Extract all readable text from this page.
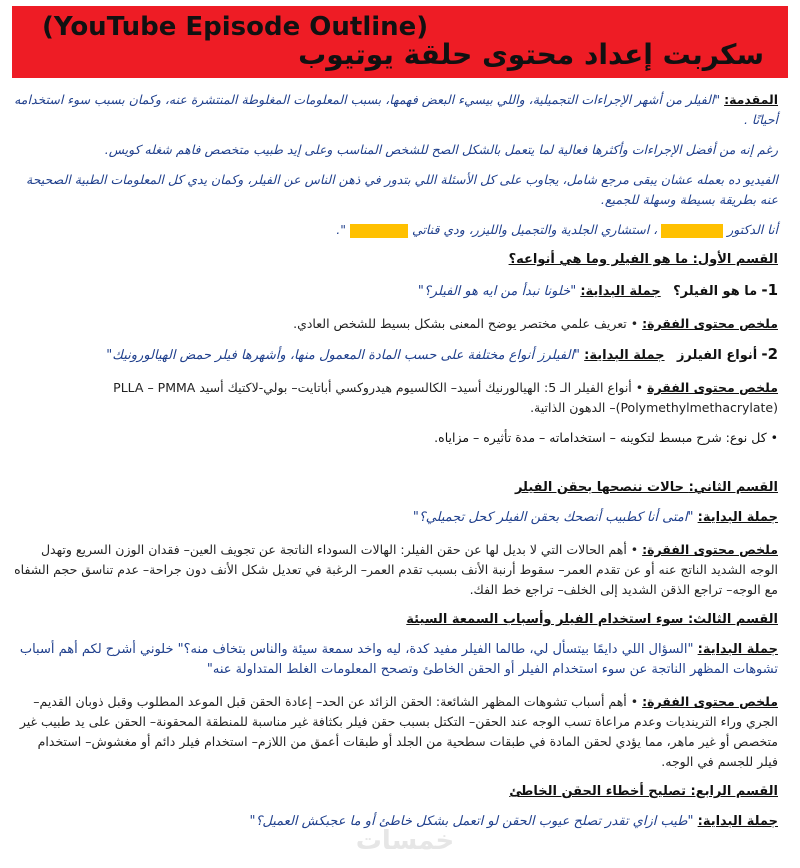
(YouTube Episode Outline)
سكربت إعداد محتوى حلقة يوتيوب

المقدمة: "الفيلر من أشهر الإجراءات التجميلية، واللي بيسيء البعض فهمها، بسبب المعلومات المغلوطة المنتشرة عنه، وكمان بسبب سوء استخدامه أحيانًا .

رغم إنه من أفضل الإجراءات وأكثرها فعالية لما يتعمل بالشكل الصح للشخص المناسب وعلى إيد طبيب متخصص فاهم شغله كويس.

الفيديو ده بعمله عشان يبقى مرجع شامل، يجاوب على كل الأسئلة اللي بتدور في ذهن الناس عن الفيلر، وكمان يدي كل المعلومات الطبية الصحيحة عنه بطريقة بسيطة وسهلة للجميع.

أنا الدكتور  ، استشاري الجلدية والتجميل والليزر، ودي قناتي  ".

القسم الأول: ما هو الفيلر وما هي أنواعه؟

1- ما هو الفيلر؟   جملة البداية: "خلونا نبدأ من ايه هو الفيلر؟"

ملخص محتوى الفقرة: • تعريف علمي مختصر يوضح المعنى بشكل بسيط للشخص العادي.

2- أنواع الفيلرز   جملة البداية: "الفيلرز أنواع مختلفة على حسب المادة المعمول منها، وأشهرها فيلر حمض الهيالورونيك"

ملخص محتوى الفقرة • أنواع الفيلر الـ 5: الهيالورنيك أسيد– الكالسيوم هيدروكسي أباتايت– بولي-لاكتيك أسيد PLLA – PMMA (Polymethylmethacrylate)– الدهون الذاتية.

• كل نوع: شرح مبسط لتكوينه – استخداماته – مدة تأثيره – مزاياه.

القسم الثاني: حالات ننصحها بحقن الفيلر

جملة البداية: "امتى أنا كطبيب أنصحك بحقن الفيلر كحل تجميلي؟"

ملخص محتوى الفقرة: • أهم الحالات التي لا بديل لها عن حقن الفيلر: الهالات السوداء الناتجة عن تجويف العين– فقدان الوزن السريع وتهدل الوجه الشديد الناتج عنه أو عن تقدم العمر– سقوط أرنبة الأنف بسبب تقدم العمر– الرغبة في تعديل شكل الأنف دون جراحة– عدم تناسق حجم الشفاه مع الوجه– تراجع الذقن الشديد إلى الخلف– تراجع خط الفك.

القسم الثالث: سوء استخدام الفيلر وأسباب السمعة السيئة

جملة البداية: "السؤال اللي دايمًا بيتسأل لي، طالما الفيلر مفيد كدة، ليه واخد سمعة سيئة والناس بتخاف منه؟" خلوني أشرح لكم أهم أسباب تشوهات المظهر الناتجة عن سوء استخدام الفيلر أو الحقن الخاطئ وتصحح المعلومات الغلط المتداولة عنه"

ملخص محتوى الفقرة: • أهم أسباب تشوهات المظهر الشائعة: الحقن الزائد عن الحد– إعادة الحقن قبل الموعد المطلوب وقبل ذوبان القديم– الجري وراء الترينديات وعدم مراعاة تسب الوجه عند الحقن– التكتل بسبب حقن فيلر بكثافة غير مناسبة للمنطقة المحقونة– الحقن على يد طبيب غير متخصص أو غير ماهر، مما يؤدي لحقن المادة في طبقات سطحية من الجلد أو طبقات أعمق من اللازم– استخدام فيلر دائم أو مغشوش– استخدام فيلر للجسم في الوجه.

القسم الرابع: تصليح أخطاء الحقن الخاطئ

جملة البداية: "طيب ازاي تقدر تصلح عيوب الحقن لو اتعمل بشكل خاطئ أو ما عجبكش العميل؟"

خمسات
